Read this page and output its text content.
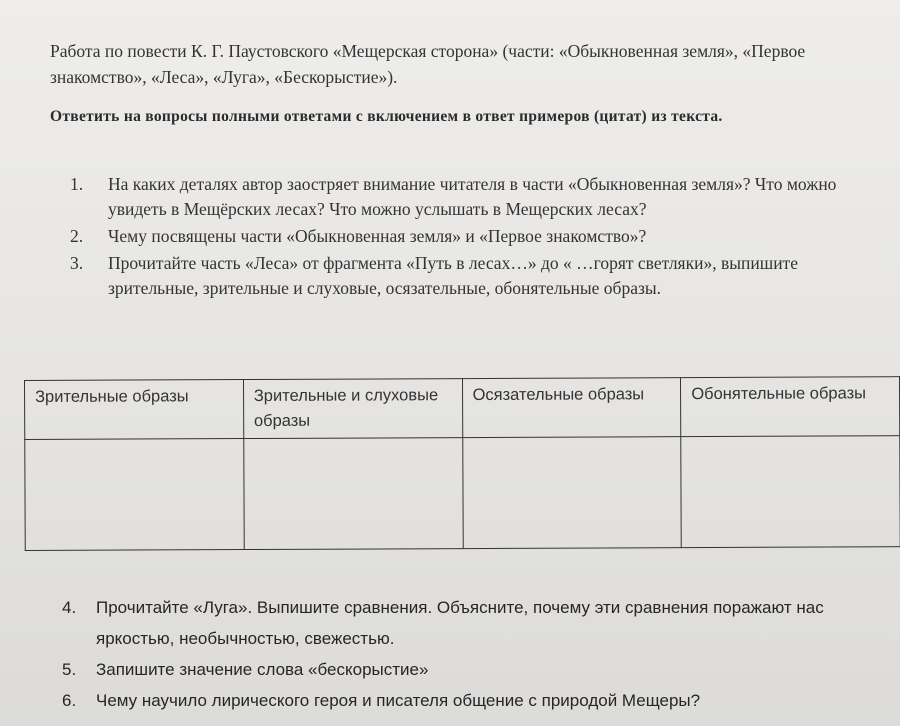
Работа по повести К. Г. Паустовского «Мещерская сторона» (части: «Обыкновенная земля», «Первое знакомство», «Леса», «Луга», «Бескорыстие»).
Ответить на вопросы полными ответами с включением в ответ примеров (цитат) из текста.
1.	На каких деталях автор заостряет внимание читателя в части «Обыкновенная земля»? Что можно увидеть в Мещёрских лесах? Что можно услышать в Мещерских лесах?
2.	Чему посвящены части «Обыкновенная земля» и «Первое знакомство»?
3.	Прочитайте часть «Леса» от фрагмента «Путь в лесах…» до « …горят светляки», выпишите зрительные, зрительные и слуховые, осязательные, обонятельные образы.
Зрительные образы	Зрительные и слуховые образы	Осязательные образы	Обонятельные образы

4.	Прочитайте «Луга». Выпишите сравнения. Объясните, почему эти сравнения поражают нас яркостью, необычностью, свежестью.
5.	Запишите значение слова «бескорыстие»
6.	Чему научило лирического героя и писателя общение с природой Мещеры?
